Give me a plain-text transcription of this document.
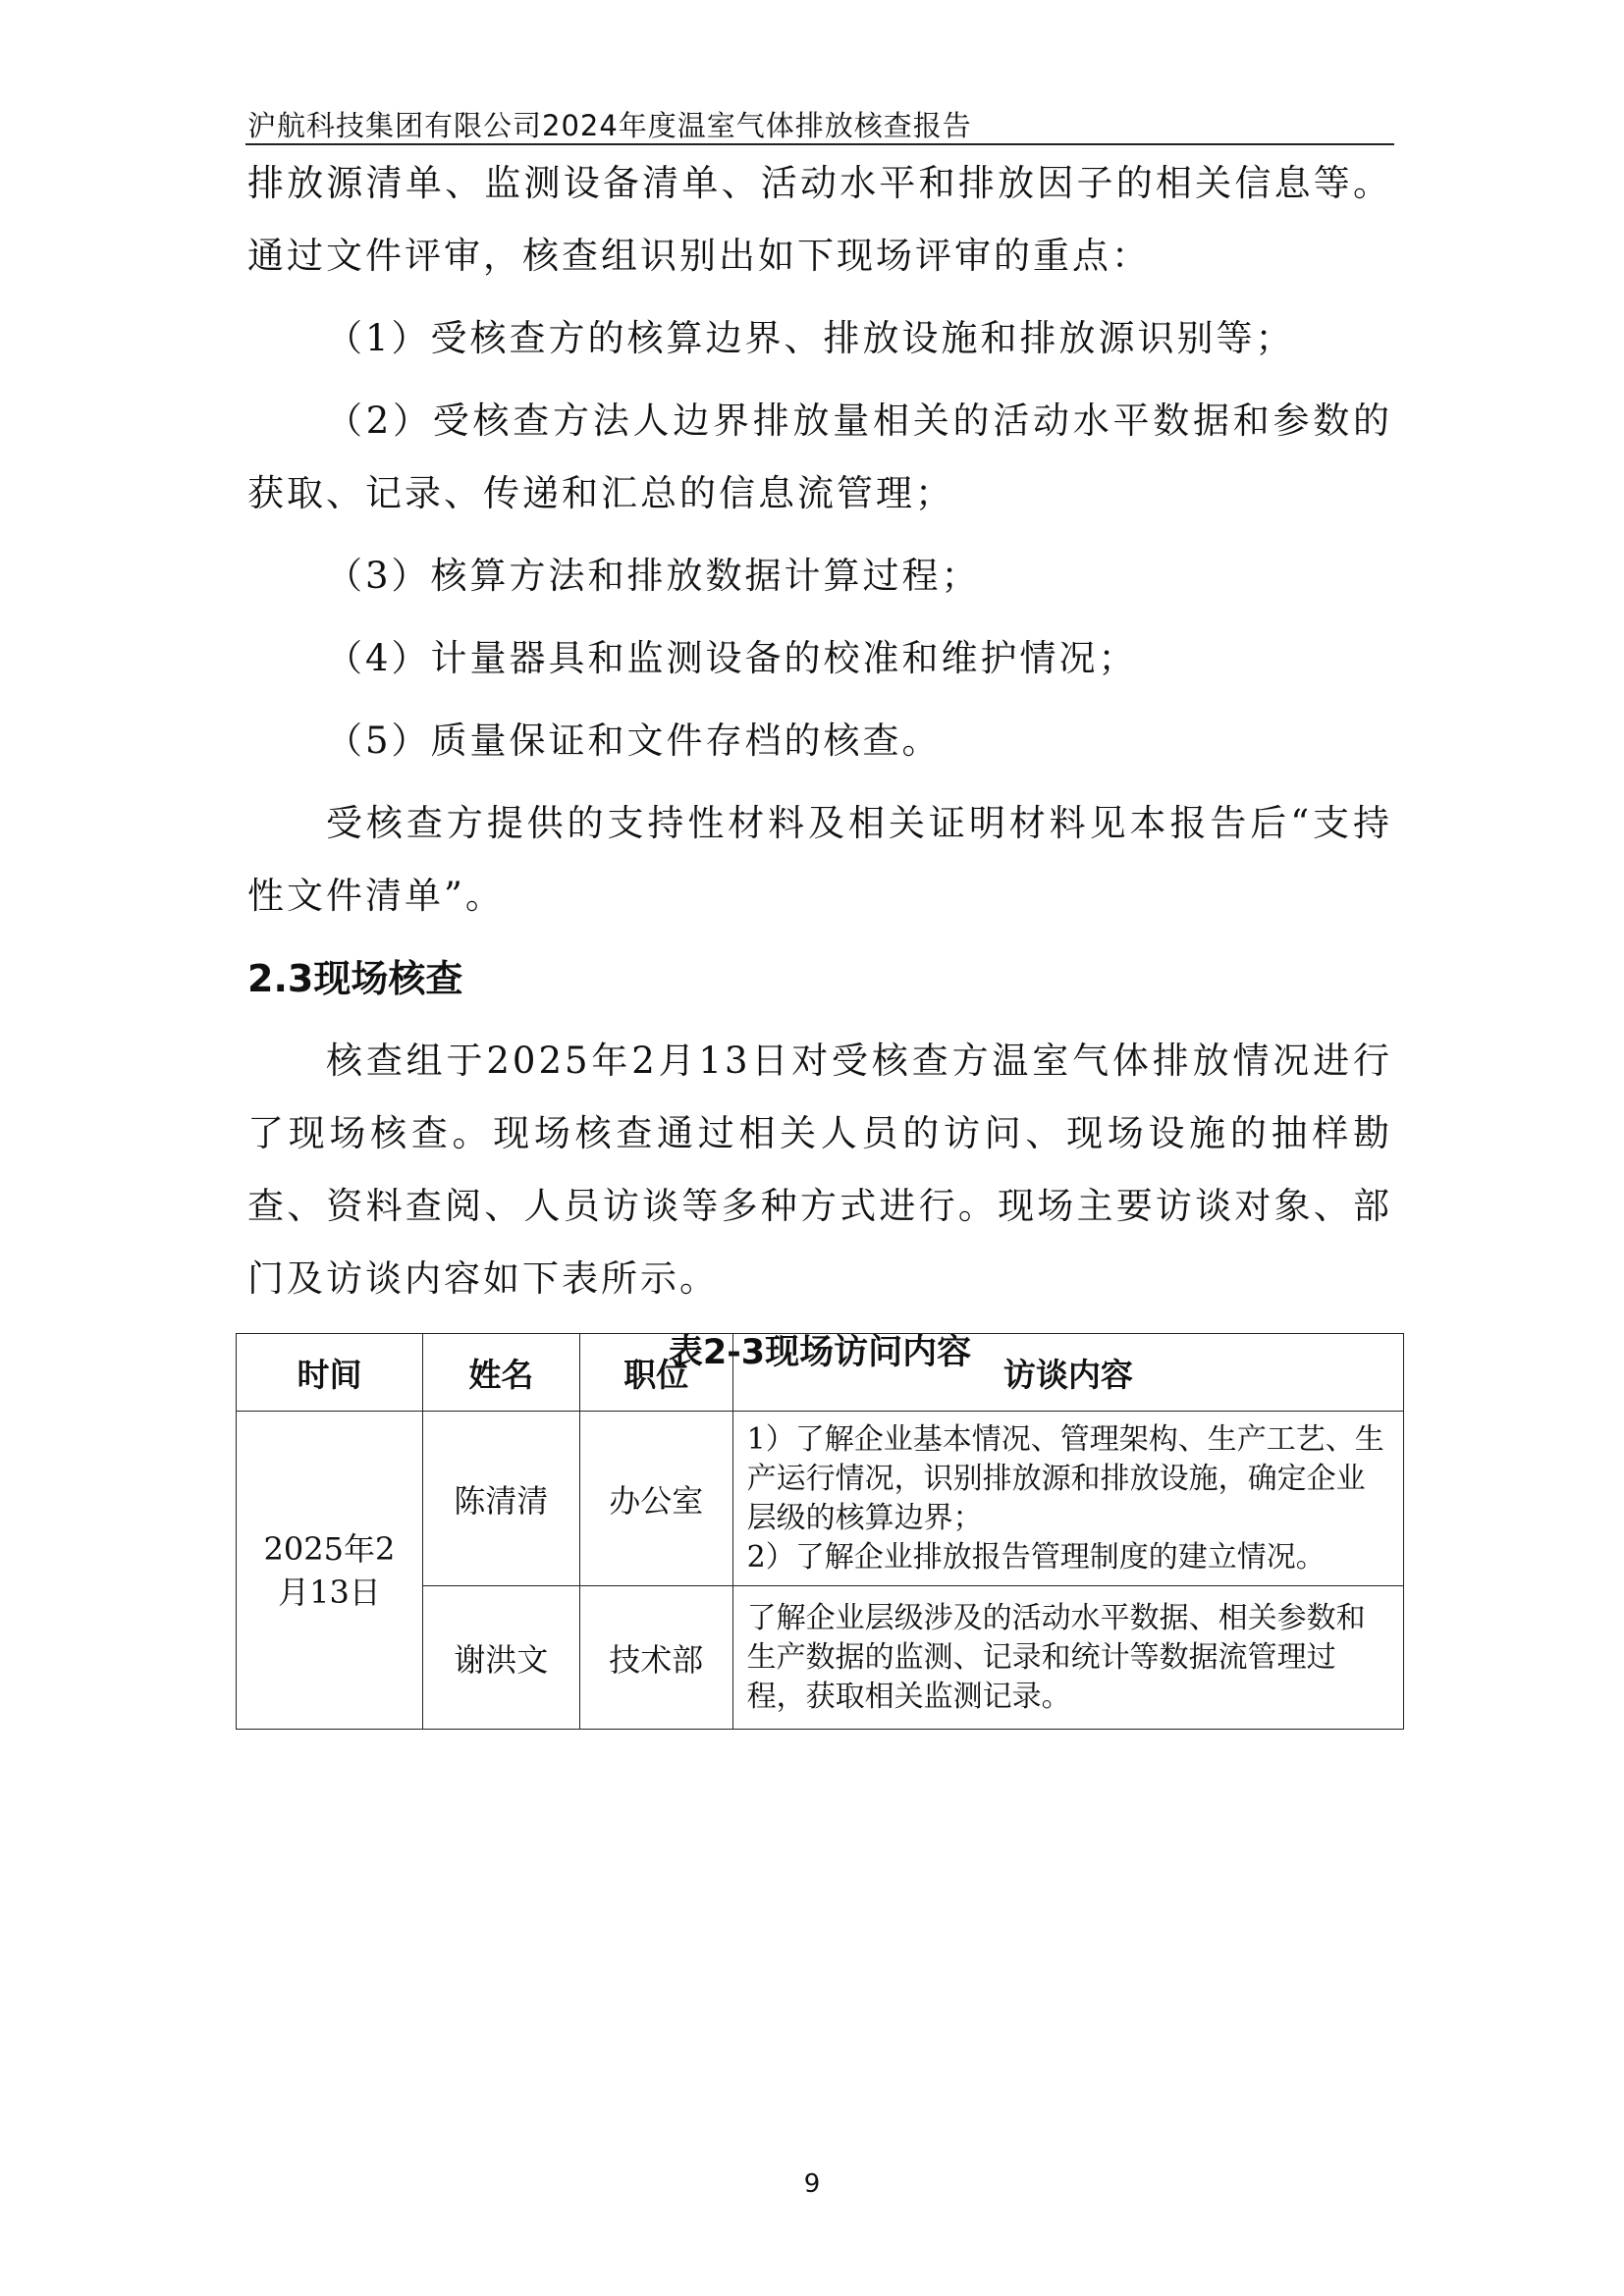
沪航科技集团有限公司2024年度温室气体排放核查报告

排放源清单、监测设备清单、活动水平和排放因子的相关信息等。通过文件评审，核查组识别出如下现场评审的重点：

（1）受核查方的核算边界、排放设施和排放源识别等；

（2）受核查方法人边界排放量相关的活动水平数据和参数的获取、记录、传递和汇总的信息流管理；

（3）核算方法和排放数据计算过程；

（4）计量器具和监测设备的校准和维护情况；

（5）质量保证和文件存档的核查。

受核查方提供的支持性材料及相关证明材料见本报告后“支持性文件清单”。

2.3现场核查

核查组于2025年2月13日对受核查方温室气体排放情况进行了现场核查。现场核查通过相关人员的访问、现场设施的抽样勘查、资料查阅、人员访谈等多种方式进行。现场主要访谈对象、部门及访谈内容如下表所示。

表2-3现场访问内容
时间	姓名	职位	访谈内容
2025年2月13日	陈清清	办公室	1）了解企业基本情况、管理架构、生产工艺、生产运行情况，识别排放源和排放设施，确定企业层级的核算边界；
2）了解企业排放报告管理制度的建立情况。

	谢洪文	技术部	了解企业层级涉及的活动水平数据、相关参数和生产数据的监测、记录和统计等数据流管理过程，获取相关监测记录。
9
